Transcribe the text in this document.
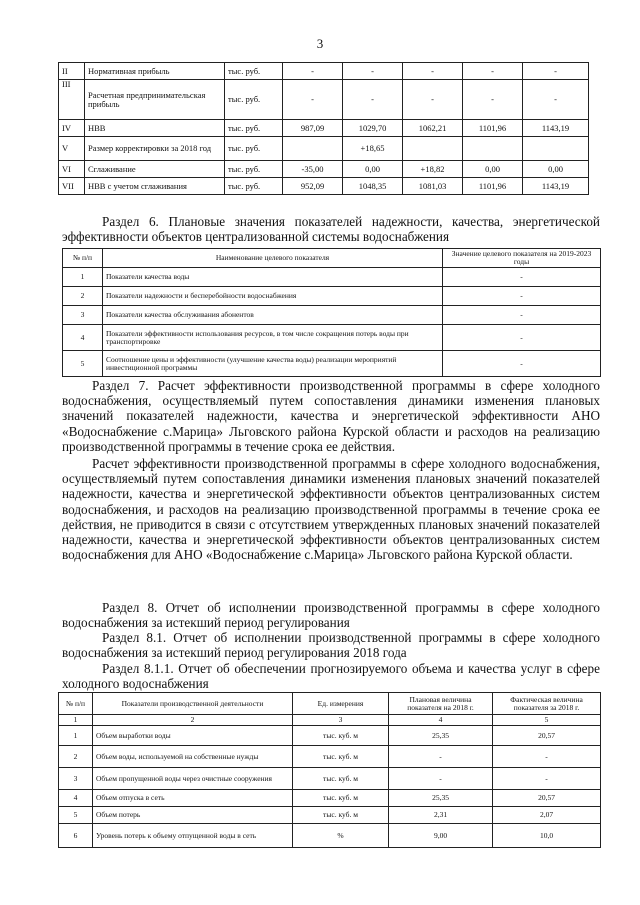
3
II	Нормативная прибыль	тыс. руб.	-	-	-	-	-
III	Расчетная предпринимательская прибыль	тыс. руб.	-	-	-	-	-
IV	НВВ	тыс. руб.	987,09	1029,70	1062,21	1101,96	1143,19
V	Размер корректировки за 2018 год	тыс. руб.		+18,65			
VI	Сглаживание	тыс. руб.	-35,00	0,00	+18,82	0,00	0,00
VII	НВВ с учетом сглаживания	тыс. руб.	952,09	1048,35	1081,03	1101,96	1143,19
Раздел 6. Плановые значения показателей надежности, качества, энергетической эффективности объектов централизованной системы водоснабжения
№ п/п	Наименование целевого показателя	Значение целевого показателя на 2019-2023 годы
1	Показатели качества воды	-
2	Показатели надежности и бесперебойности водоснабжения	-
3	Показатели качества обслуживания абонентов	-
4	Показатели эффективности использования ресурсов, в том числе сокращения потерь воды при транспортировке	-
5	Соотношение цены и эффективности (улучшение качества воды) реализации мероприятий инвестиционной программы	-
Раздел 7. Расчет эффективности производственной программы в сфере холодного водоснабжения, осуществляемый путем сопоставления динамики изменения плановых значений показателей надежности, качества и энергетической эффективности АНО «Водоснабжение с.Марица» Льговского района Курской области и расходов на реализацию производственной программы в течение срока ее действия.
Расчет эффективности производственной программы в сфере холодного водоснабжения, осуществляемый путем сопоставления динамики изменения плановых значений показателей надежности, качества и энергетической эффективности объектов централизованных систем водоснабжения, и расходов на реализацию производственной программы в течение срока ее действия, не приводится в связи с отсутствием утвержденных плановых значений показателей надежности, качества и энергетической эффективности объектов централизованных систем водоснабжения для АНО «Водоснабжение с.Марица» Льговского района Курской области.
Раздел 8. Отчет об исполнении производственной программы в сфере холодного водоснабжения за истекший период регулирования
Раздел 8.1. Отчет об исполнении производственной программы в сфере холодного водоснабжения за истекший период регулирования 2018 года
Раздел 8.1.1. Отчет об обеспечении прогнозируемого объема и качества услуг в сфере холодного водоснабжения
№ п/п	Показатели производственной деятельности	Ед. измерения	Плановая величина показателя на 2018 г.	Фактическая величина показателя за 2018 г.
1	2	3	4	5
1	Объем выработки воды	тыс. куб. м	25,35	20,57
2	Объем воды, используемой на собственные нужды	тыс. куб. м	-	-
3	Объем пропущенной воды через очистные сооружения	тыс. куб. м	-	-
4	Объем отпуска в сеть	тыс. куб. м	25,35	20,57
5	Объем потерь	тыс. куб. м	2,31	2,07
6	Уровень потерь к объему отпущенной воды в сеть	%	9,00	10,0
